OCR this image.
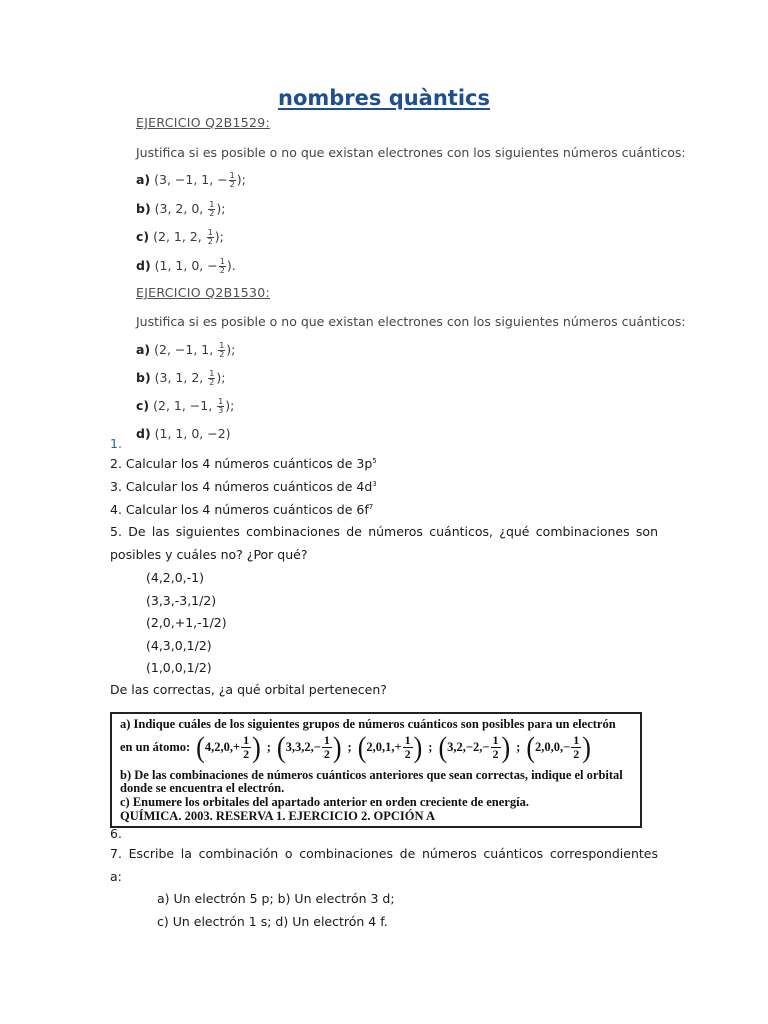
nombres quàntics
EJERCICIO Q2B1529:
Justifica si es posible o no que existan electrones con los siguientes números cuánticos:
a) (3, −1, 1, − $\frac{1}{2}$ );
b) (3, 2, 0, $\frac{1}{2}$ );
c) (2, 1, 2, $\frac{1}{2}$ );
d) (1, 1, 0, − $\frac{1}{2}$ ).
EJERCICIO Q2B1530:
Justifica si es posible o no que existan electrones con los siguientes números cuánticos:
a) (2, −1, 1, $\frac{1}{2}$ );
b) (3, 1, 2, $\frac{1}{2}$ );
c) (2, 1, −1, $\frac{1}{3}$ );
d) (1, 1, 0, −2)
1.
2. Calcular los 4 números cuánticos de $3p^5$
3. Calcular los 4 números cuánticos de $4d^3$
4. Calcular los 4 números cuánticos de $6f^7$
5. De las siguientes combinaciones de números cuánticos, ¿qué combinaciones son
posibles y cuáles no? ¿Por qué?
(4,2,0,-1)
(3,3,-3,1/2)
(2,0,+1,-1/2)
(4,3,0,1/2)
(1,0,0,1/2)
De las correctas, ¿a qué orbital pertenecen?
a) Indique cuáles de los siguientes grupos de números cuánticos son posibles para un electrón
en un átomo: ( $4,2,0,+ \frac{1}{2}$ ) ; ( $3,3,2,- \frac{1}{2}$ ) ; ( $2,0,1,+ \frac{1}{2}$ ) ; ( $3,2,-2,- \frac{1}{2}$ ) ; ( $2,0,0,- \frac{1}{2}$ )
b) De las combinaciones de números cuánticos anteriores que sean correctas, indique el orbital
donde se encuentra el electrón.
c) Enumere los orbitales del apartado anterior en orden creciente de energía.
QUÍMICA. 2003. RESERVA 1. EJERCICIO 2. OPCIÓN A
6.
7. Escribe la combinación o combinaciones de números cuánticos correspondientes
a:
a) Un electrón 5 p; b) Un electrón 3 d;
c) Un electrón 1 s; d) Un electrón 4 f.
